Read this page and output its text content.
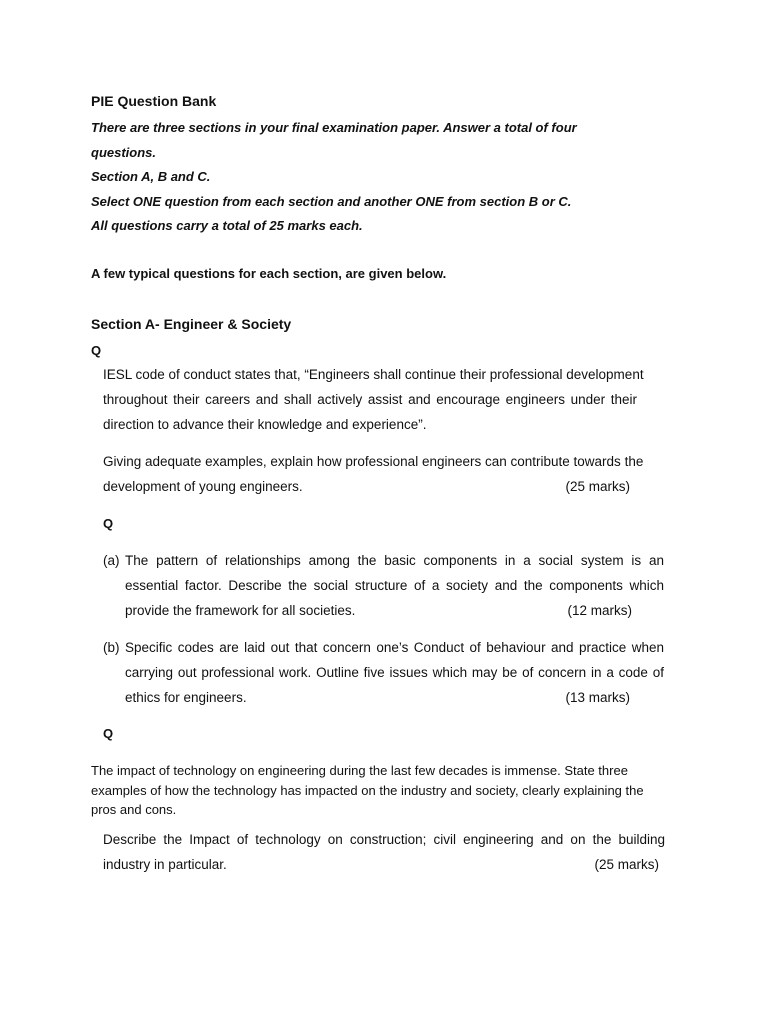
PIE Question Bank
There are three sections in your final examination paper. Answer a total of four
questions.
Section A, B and C.
Select ONE question from each section and another ONE from section B or C.
All questions carry a total of 25 marks each.
A few typical questions for each section, are given below.
Section A- Engineer & Society
Q
IESL code of conduct states that, “Engineers shall continue their professional development
throughout their careers and shall actively assist and encourage engineers under their
direction to advance their knowledge and experience”.
Giving adequate examples, explain how professional engineers can contribute towards the
development of young engineers.	(25 marks)
Q
(a) The pattern of relationships among the basic components in a social system is an
essential factor. Describe the social structure of a society and the components which
provide the framework for all societies.	(12 marks)
(b) Specific codes are laid out that concern one’s Conduct of behaviour and practice when
carrying out professional work. Outline five issues which may be of concern in a code of
ethics for engineers.	(13 marks)
Q
The impact of technology on engineering during the last few decades is immense. State three
examples of how the technology has impacted on the industry and society, clearly explaining the
pros and cons.
Describe the Impact of technology on construction; civil engineering and on the building
industry in particular.	(25 marks)
